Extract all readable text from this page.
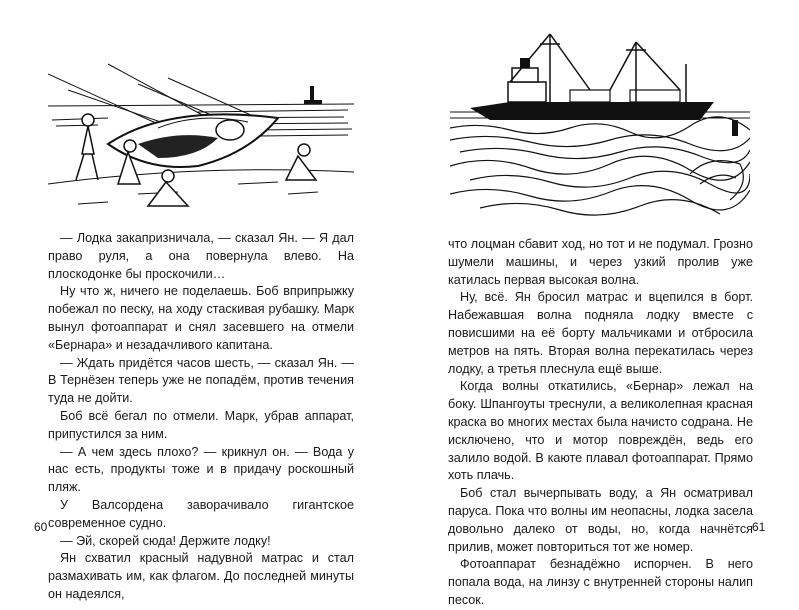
— Лодка закапризничала, — сказал Ян. — Я дал право руля, а она повернула влево. На плоскодонке бы проскочили…

Ну что ж, ничего не поделаешь. Боб вприпрыжку побежал по песку, на ходу стаскивая рубашку. Марк вынул фотоаппарат и снял засевшего на отмели «Бернара» и незадачливого капитана.

— Ждать придётся часов шесть, — сказал Ян. — В Тернёзен теперь уже не попадём, против течения туда не дойти.

Боб всё бегал по отмели. Марк, убрав аппарат, припустился за ним.

— А чем здесь плохо? — крикнул он. — Вода у нас есть, продукты тоже и в придачу роскошный пляж.

У Валсордена заворачивало гигантское современное судно.

— Эй, скорей сюда! Держите лодку!

Ян схватил красный надувной матрас и стал размахивать им, как флагом. До последней минуты он надеялся,

60

что лоцман сбавит ход, но тот и не подумал. Грозно шумели машины, и через узкий пролив уже катилась первая высокая волна.

Ну, всё. Ян бросил матрас и вцепился в борт. Набежавшая волна подняла лодку вместе с повисшими на её борту мальчиками и отбросила метров на пять. Вторая волна перекатилась через лодку, а третья плеснула ещё выше.

Когда волны откатились, «Бернар» лежал на боку. Шпангоуты треснули, а великолепная красная краска во многих местах была начисто содрана. Не исключено, что и мотор повреждён, ведь его залило водой. В каюте плавал фотоаппарат. Прямо хоть плачь.

Боб стал вычерпывать воду, а Ян осматривал паруса. Пока что волны им неопасны, лодка засела довольно далеко от воды, но, когда начнётся прилив, может повториться тот же номер.

Фотоаппарат безнадёжно испорчен. В него попала вода, на линзу с внутренней стороны налип песок.

61
